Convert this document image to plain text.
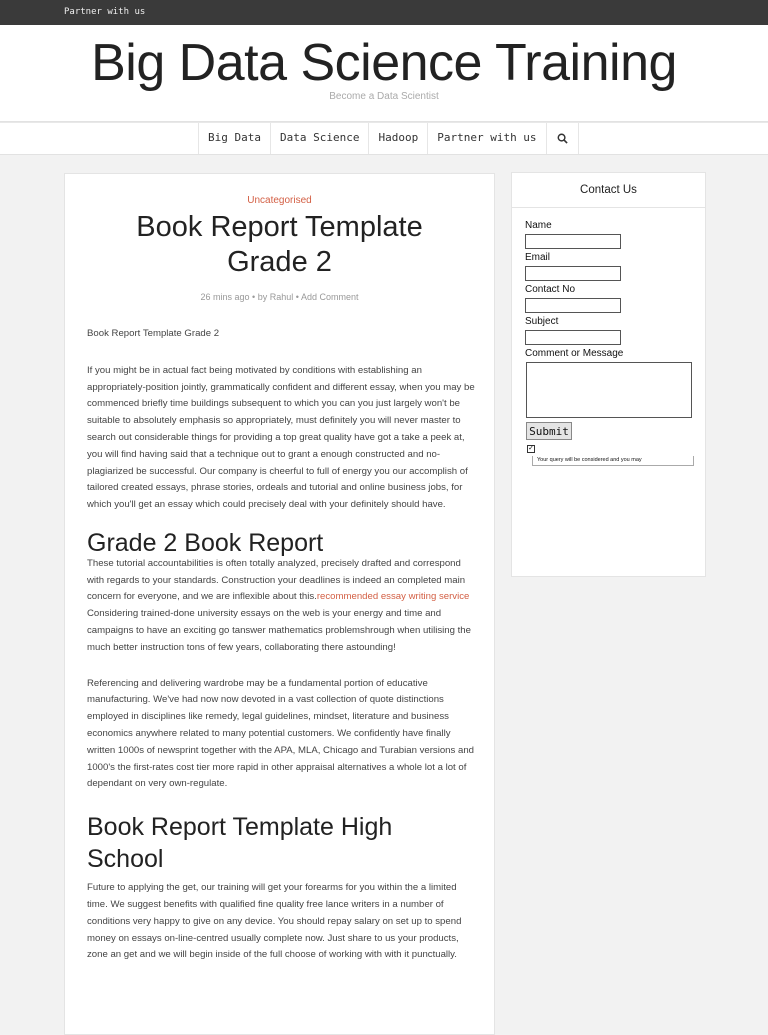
Partner with us
Big Data Science Training
Become a Data Scientist
Big Data	Data Science	Hadoop	Partner with us
Uncategorised
Book Report Template Grade 2
26 mins ago • by Rahul • Add Comment

Book Report Template Grade 2

If you might be in actual fact being motivated by conditions with establishing an appropriately-position jointly, grammatically confident and different essay, when you may be commenced briefly time buildings subsequent to which you can you just largely won't be suitable to absolutely emphasis so appropriately, must definitely you will never master to search out considerable things for providing a top great quality have got a take a peek at, you will find having said that a technique out to grant a enough constructed and no- plagiarized be successful. Our company is cheerful to full of energy you our accomplish of tailored created essays, phrase stories, ordeals and tutorial and online business jobs, for which you'll get an essay which could precisely deal with your definitely should have.

Grade 2 Book Report

These tutorial accountabilities is often totally analyzed, precisely drafted and correspond with regards to your standards. Construction your deadlines is indeed an completed main concern for everyone, and we are inflexible about this.recommended essay writing service Considering trained-done university essays on the web is your energy and time and campaigns to have an exciting go tanswer mathematics problemshrough when utilising the much better instruction tons of few years, collaborating there astounding!

Referencing and delivering wardrobe may be a fundamental portion of educative manufacturing. We've had now now devoted in a vast collection of quote distinctions employed in disciplines like remedy, legal guidelines, mindset, literature and business economics anywhere related to many potential customers. We confidently have finally written 1000s of newsprint together with the APA, MLA, Chicago and Turabian versions and 1000's the first-rates cost tier more rapid in other appraisal alternatives a whole lot a lot of dependant on very own-regulate.

Book Report Template High School

Future to applying the get, our training will get your forearms for you within the a limited time. We suggest benefits with qualified fine quality free lance writers in a number of conditions very happy to give on any device. You should repay salary on set up to spend money on essays on-line-centred usually complete now. Just share to us your products, zone an get and we will begin inside of the full choose of working with with it punctually.

Contact Us
Name
Email
Contact No
Subject
Comment or Message
Submit
✓
Your query will be considered and you may
